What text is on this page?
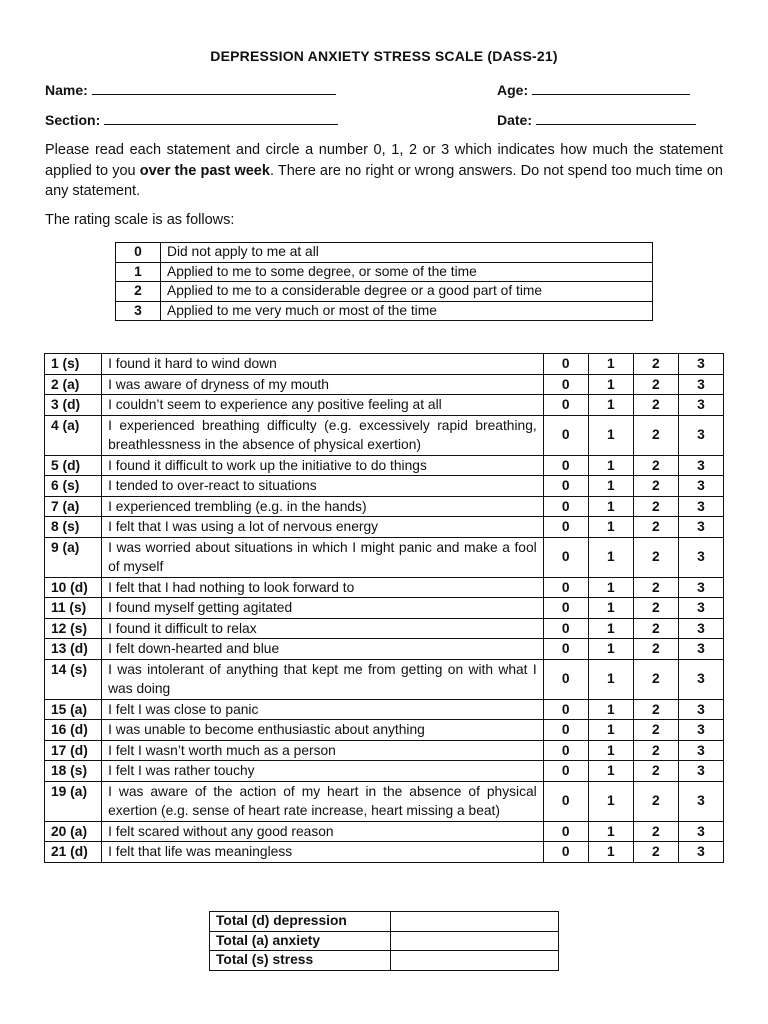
DEPRESSION ANXIETY STRESS SCALE (DASS-21)
Name:	Age:
Section:	Date:

Please read each statement and circle a number 0, 1, 2 or 3 which indicates how much the statement applied to you over the past week. There are no right or wrong answers. Do not spend too much time on any statement.

The rating scale is as follows:

0	Did not apply to me at all
1	Applied to me to some degree, or some of the time
2	Applied to me to a considerable degree or a good part of time
3	Applied to me very much or most of the time
1 (s)	I found it hard to wind down	0	1	2	3
2 (a)	I was aware of dryness of my mouth	0	1	2	3
3 (d)	I couldn’t seem to experience any positive feeling at all	0	1	2	3
4 (a)	I experienced breathing difficulty (e.g. excessively rapid breathing, breathlessness in the absence of physical exertion)	0	1	2	3
5 (d)	I found it difficult to work up the initiative to do things	0	1	2	3
6 (s)	I tended to over-react to situations	0	1	2	3
7 (a)	I experienced trembling (e.g. in the hands)	0	1	2	3
8 (s)	I felt that I was using a lot of nervous energy	0	1	2	3
9 (a)	I was worried about situations in which I might panic and make a fool of myself	0	1	2	3
10 (d)	I felt that I had nothing to look forward to	0	1	2	3
11 (s)	I found myself getting agitated	0	1	2	3
12 (s)	I found it difficult to relax	0	1	2	3
13 (d)	I felt down-hearted and blue	0	1	2	3
14 (s)	I was intolerant of anything that kept me from getting on with what I was doing	0	1	2	3
15 (a)	I felt I was close to panic	0	1	2	3
16 (d)	I was unable to become enthusiastic about anything	0	1	2	3
17 (d)	I felt I wasn’t worth much as a person	0	1	2	3
18 (s)	I felt I was rather touchy	0	1	2	3
19 (a)	I was aware of the action of my heart in the absence of physical exertion (e.g. sense of heart rate increase, heart missing a beat)	0	1	2	3
20 (a)	I felt scared without any good reason	0	1	2	3
21 (d)	I felt that life was meaningless	0	1	2	3
Total (d) depression	
Total (a) anxiety	
Total (s) stress	
